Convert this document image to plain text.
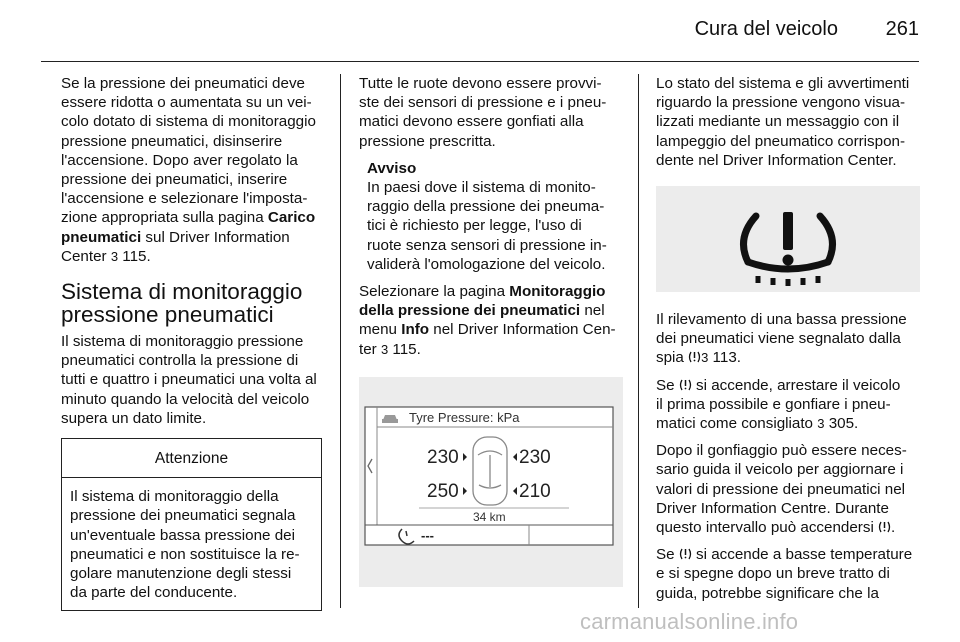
Cura del veicolo 261

Se la pressione dei pneumatici deve
essere ridotta o aumentata su un vei-
colo dotato di sistema di monitoraggio
pressione pneumatici, disinserire
l'accensione. Dopo aver regolato la
pressione dei pneumatici, inserire
l'accensione e selezionare l'imposta-
zione appropriata sulla pagina Carico
pneumatici sul Driver Information
Center 3 115.

Sistema di monitoraggio
pressione pneumatici

Il sistema di monitoraggio pressione
pneumatici controlla la pressione di
tutti e quattro i pneumatici una volta al
minuto quando la velocità del veicolo
supera un dato limite.

Attenzione
Il sistema di monitoraggio della
pressione dei pneumatici segnala
un'eventuale bassa pressione dei
pneumatici e non sostituisce la re-
golare manutenzione degli stessi
da parte del conducente.

Tutte le ruote devono essere provvi-
ste dei sensori di pressione e i pneu-
matici devono essere gonfiati alla
pressione prescritta.

Avviso
In paesi dove il sistema di monito-
raggio della pressione dei pneuma-
tici è richiesto per legge, l'uso di
ruote senza sensori di pressione in-
validerà l'omologazione del veicolo.

Selezionare la pagina Monitoraggio
della pressione dei pneumatici nel
menu Info nel Driver Information Cen-
ter 3 115.

Tyre Pressure: kPa
230	230
250	210
34 km
---

Lo stato del sistema e gli avvertimenti
riguardo la pressione vengono visua-
lizzati mediante un messaggio con il
lampeggio del pneumatico corrispon-
dente nel Driver Information Center.

Il rilevamento di una bassa pressione
dei pneumatici viene segnalato dalla
spia 3 113.

Se  si accende, arrestare il veicolo
il prima possibile e gonfiare i pneu-
matici come consigliato 3 305.

Dopo il gonfiaggio può essere neces-
sario guida il veicolo per aggiornare i
valori di pressione dei pneumatici nel
Driver Information Centre. Durante
questo intervallo può accendersi .

Se  si accende a basse temperature
e si spegne dopo un breve tratto di
guida, potrebbe significare che la

carmanualsonline.info
